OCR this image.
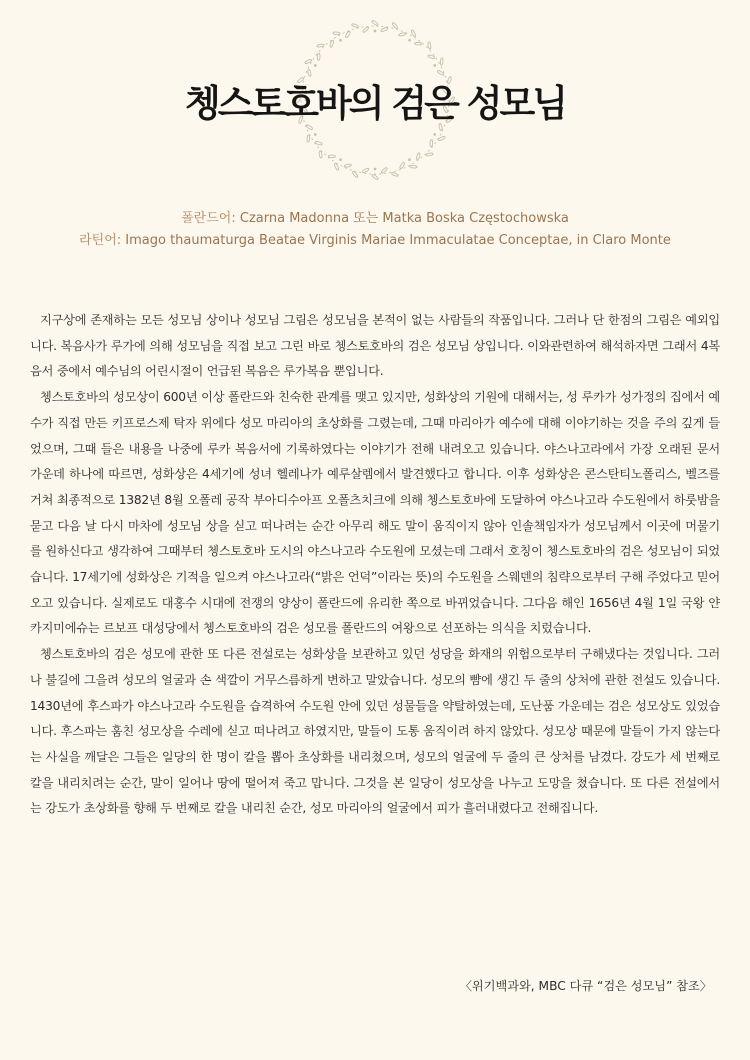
쳉스토호바의 검은 성모님
폴란드어: Czarna Madonna 또는 Matka Boska Częstochowska
라틴어: Imago thaumaturga Beatae Virginis Mariae Immaculatae Conceptae, in Claro Monte

지구상에 존재하는 모든 성모님 상이나 성모님 그림은 성모님을 본적이 없는 사람들의 작품입니다. 그러나 단 한점의 그림은 예외입니다. 복음사가 루가에 의해 성모님을 직접 보고 그린 바로 쳉스토호바의 검은 성모님 상입니다. 이와관련하여 해석하자면 그래서 4복음서 중에서 예수님의 어린시절이 언급된 복음은 루가복음 뿐입니다.

쳉스토호바의 성모상이 600년 이상 폴란드와 친숙한 관계를 맺고 있지만, 성화상의 기원에 대해서는, 성 루카가 성가정의 집에서 예수가 직접 만든 키프로스제 탁자 위에다 성모 마리아의 초상화를 그렸는데, 그때 마리아가 예수에 대해 이야기하는 것을 주의 깊게 들었으며, 그때 들은 내용을 나중에 루카 복음서에 기록하였다는 이야기가 전해 내려오고 있습니다. 야스나고라에서 가장 오래된 문서 가운데 하나에 따르면, 성화상은 4세기에 성녀 헬레나가 예루살렘에서 발견했다고 합니다. 이후 성화상은 콘스탄티노폴리스, 벨즈를 거쳐 최종적으로 1382년 8월 오폴레 공작 부아디수아프 오폴츠치크에 의해 쳉스토호바에 도달하여 야스나고라 수도원에서 하룻밤을 묻고 다음 날 다시 마차에 성모님 상을 싣고 떠나려는 순간 아무리 해도 말이 움직이지 않아 인솔책임자가 성모님께서 이곳에 머물기를 원하신다고 생각하여 그때부터 쳉스토호바 도시의 야스나고라 수도원에 모셨는데 그래서 호칭이 쳉스토호바의 검은 성모님이 되었습니다. 17세기에 성화상은 기적을 일으켜 야스나고라(“밝은 언덕”이라는 뜻)의 수도원을 스웨덴의 침략으로부터 구해 주었다고 믿어오고 있습니다. 실제로도 대홍수 시대에 전쟁의 양상이 폴란드에 유리한 쪽으로 바뀌었습니다. 그다음 해인 1656년 4월 1일 국왕 얀 카지미에슈는 르보프 대성당에서 쳉스토호바의 검은 성모를 폴란드의 여왕으로 선포하는 의식을 치렀습니다.

쳉스토호바의 검은 성모에 관한 또 다른 전설로는 성화상을 보관하고 있던 성당을 화재의 위험으로부터 구해냈다는 것입니다. 그러나 불길에 그을려 성모의 얼굴과 손 색깔이 거무스름하게 변하고 말았습니다. 성모의 뺨에 생긴 두 줄의 상처에 관한 전설도 있습니다. 1430년에 후스파가 야스나고라 수도원을 습격하여 수도원 안에 있던 성물들을 약탈하였는데, 도난품 가운데는 검은 성모상도 있었습니다. 후스파는 훔친 성모상을 수레에 싣고 떠나려고 하였지만, 말들이 도통 움직이려 하지 않았다. 성모상 때문에 말들이 가지 않는다는 사실을 깨달은 그들은 일당의 한 명이 칼을 뽑아 초상화를 내리쳤으며, 성모의 얼굴에 두 줄의 큰 상처를 남겼다. 강도가 세 번째로 칼을 내리치려는 순간, 말이 일어나 땅에 떨어져 죽고 맙니다. 그것을 본 일당이 성모상을 나누고 도망을 쳤습니다. 또 다른 전설에서는 강도가 초상화를 향해 두 번째로 칼을 내리친 순간, 성모 마리아의 얼굴에서 피가 흘러내렸다고 전해집니다.

〈위기백과와, MBC 다큐 “검은 성모님” 참조〉
